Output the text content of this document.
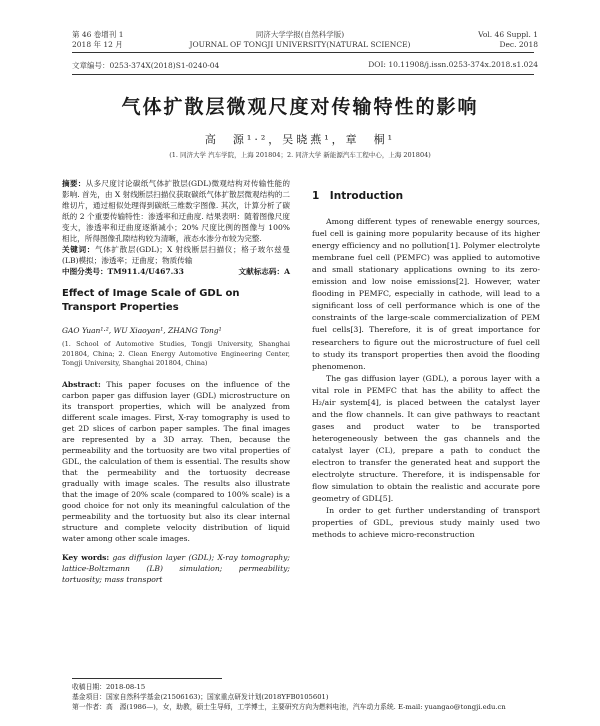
第 46 卷增刊 1
2018 年 12 月
同济大学学报(自然科学版)
JOURNAL OF TONGJI UNIVERSITY(NATURAL SCIENCE)
Vol. 46 Suppl. 1
Dec. 2018
文章编号：0253-374X(2018)S1-0240-04	DOI: 10.11908/j.issn.0253-374x.2018.s1.024
气体扩散层微观尺度对传输特性的影响
高　源¹·²，吴晓燕¹，章　桐¹
(1. 同济大学 汽车学院，上海 201804；2. 同济大学 新能源汽车工程中心，上海 201804)

摘要：从多尺度讨论碳纸气体扩散层(GDL)微观结构对传输性能的影响. 首先，由 X 射线断层扫描仪获取碳纸气体扩散层微观结构的二维切片，通过相似处理得到碳纸三维数字图像. 其次，计算分析了碳纸的 2 个重要传输特性：渗透率和迂曲度. 结果表明：随着图像尺度变大，渗透率和迂曲度逐渐减小；20% 尺度比例的图像与 100% 相比，所得图像孔隙结构较为清晰，液态水渗分布较为完整.

关键词：气体扩散层(GDL)；X 射线断层扫描仪；格子玻尔兹曼(LB)模拟；渗透率；迂曲度；物质传输

中图分类号：TM911.4/U467.33	文献标志码：A

Effect of Image Scale of GDL on Transport Properties
GAO Yuan¹·², WU Xiaoyan¹, ZHANG Tong¹
(1. School of Automotive Studies, Tongji University, Shanghai 201804, China; 2. Clean Energy Automotive Engineering Center, Tongji University, Shanghai 201804, China)

Abstract: This paper focuses on the influence of the carbon paper gas diffusion layer (GDL) microstructure on its transport properties, which will be analyzed from different scale images. First, X-ray tomography is used to get 2D slices of carbon paper samples. The final images are represented by a 3D array. Then, because the permeability and the tortuosity are two vital properties of GDL, the calculation of them is essential. The results show that the permeability and the tortuosity decrease gradually with image scales. The results also illustrate that the image of 20% scale (compared to 100% scale) is a good choice for not only its meaningful calculation of the permeability and the tortuosity but also its clear internal structure and complete velocity distribution of liquid water among other scale images.

Key words: gas diffusion layer (GDL); X-ray tomography; lattice-Boltzmann (LB) simulation; permeability; tortuosity; mass transport

1　Introduction

Among different types of renewable energy sources, fuel cell is gaining more popularity because of its higher energy efficiency and no pollution[1]. Polymer electrolyte membrane fuel cell (PEMFC) was applied to automotive and small stationary applications owning to its zero-emission and low noise emissions[2]. However, water flooding in PEMFC, especially in cathode, will lead to a significant loss of cell performance which is one of the constraints of the large-scale commercialization of PEM fuel cells[3]. Therefore, it is of great importance for researchers to figure out the microstructure of fuel cell to study its transport properties then avoid the flooding phenomenon.

The gas diffusion layer (GDL), a porous layer with a vital role in PEMFC that has the ability to affect the H₂/air system[4], is placed between the catalyst layer and the flow channels. It can give pathways to reactant gases and product water to be transported heterogeneously between the gas channels and the catalyst layer (CL), prepare a path to conduct the electron to transfer the generated heat and support the electrolyte structure. Therefore, it is indispensable for flow simulation to obtain the realistic and accurate pore geometry of GDL[5].

In order to get further understanding of transport properties of GDL, previous study mainly used two methods to achieve micro-reconstruction

收稿日期：2018-08-15
基金项目：国家自然科学基金(21506163)；国家重点研发计划(2018YFB0105601)
第一作者：高　源(1986—)，女，助教，硕士生导师，工学博士，主要研究方向为燃料电池，汽车动力系统. E-mail: yuangao@tongji.edu.cn
